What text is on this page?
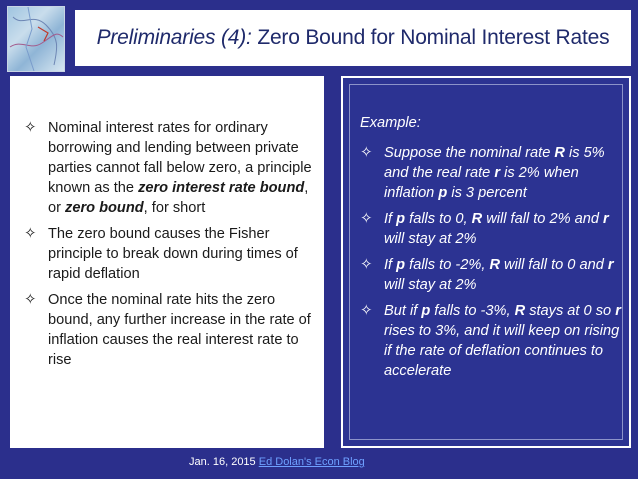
Preliminaries (4): Zero Bound for Nominal Interest Rates
✧ Nominal interest rates for ordinary borrowing and lending between private parties cannot fall below zero, a principle known as the zero interest rate bound, or zero bound, for short
✧ The zero bound causes the Fisher principle to break down during times of rapid deflation
✧ Once the nominal rate hits the zero bound, any further increase in the rate of inflation causes the real interest rate to rise
Example:
✧ Suppose the nominal rate R is 5% and the real rate r is 2% when inflation p is 3 percent
✧ If p falls to 0, R will fall to 2% and r will stay at 2%
✧ If p falls to -2%, R will fall to 0 and r will stay at 2%
✧ But if p falls to -3%, R stays at 0 so r rises to 3%, and it will keep on rising if the rate of deflation continues to accelerate
Jan. 16, 2015 Ed Dolan's Econ Blog
